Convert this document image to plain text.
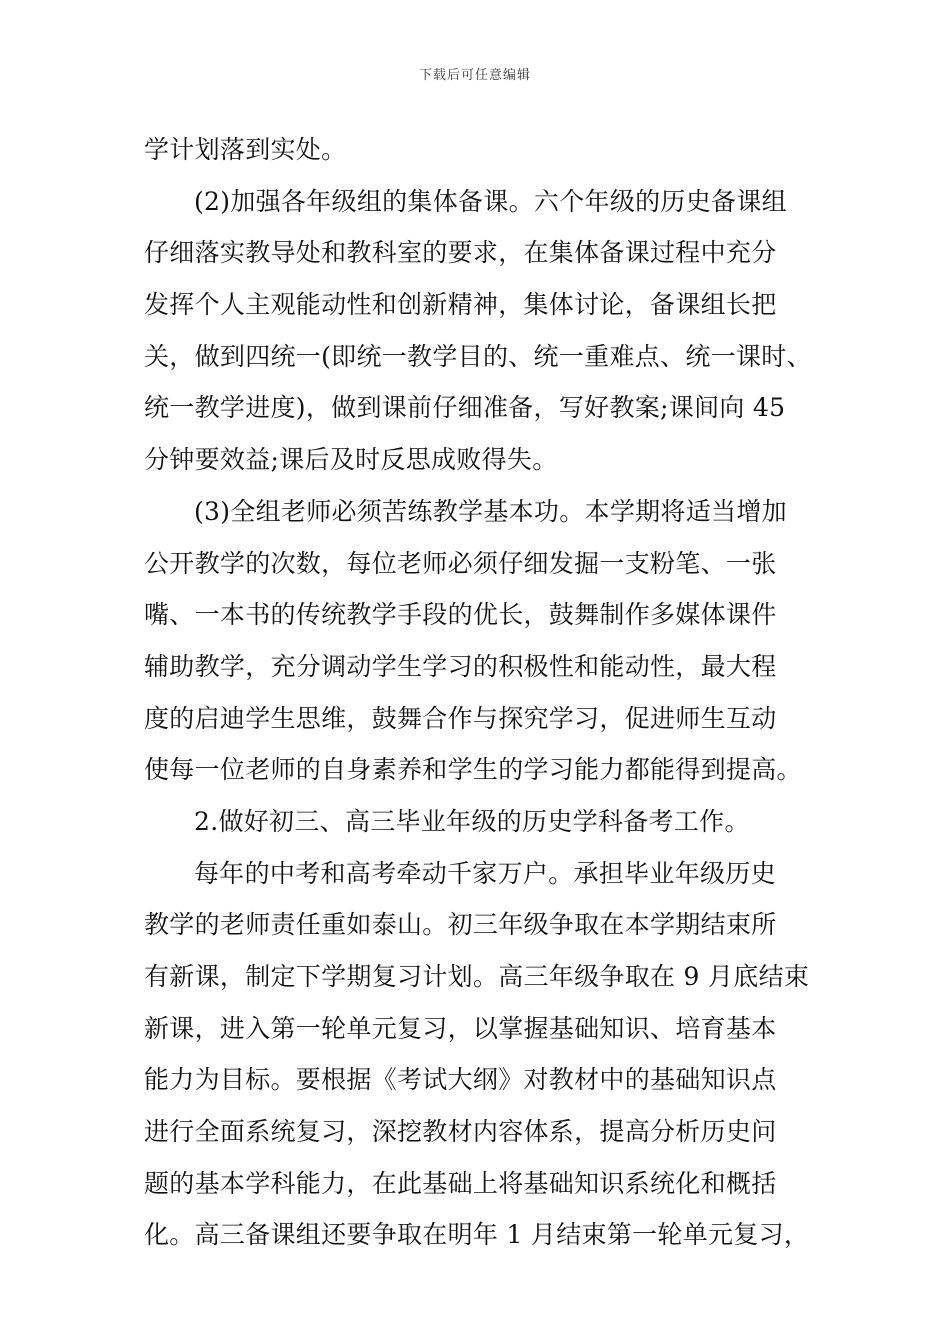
下载后可任意编辑
学计划落到实处。
(2)加强各年级组的集体备课。六个年级的历史备课组
仔细落实教导处和教科室的要求，在集体备课过程中充分
发挥个人主观能动性和创新精神，集体讨论，备课组长把
关，做到四统一(即统一教学目的、统一重难点、统一课时、
统一教学进度)，做到课前仔细准备，写好教案;课间向 45
分钟要效益;课后及时反思成败得失。
(3)全组老师必须苦练教学基本功。本学期将适当增加
公开教学的次数，每位老师必须仔细发掘一支粉笔、一张
嘴、一本书的传统教学手段的优长，鼓舞制作多媒体课件
辅助教学，充分调动学生学习的积极性和能动性，最大程
度的启迪学生思维，鼓舞合作与探究学习，促进师生互动
使每一位老师的自身素养和学生的学习能力都能得到提高。
2.做好初三、高三毕业年级的历史学科备考工作。
每年的中考和高考牵动千家万户。承担毕业年级历史
教学的老师责任重如泰山。初三年级争取在本学期结束所
有新课，制定下学期复习计划。高三年级争取在 9 月底结束
新课，进入第一轮单元复习，以掌握基础知识、培育基本
能力为目标。要根据《考试大纲》对教材中的基础知识点
进行全面系统复习，深挖教材内容体系，提高分析历史问
题的基本学科能力，在此基础上将基础知识系统化和概括
化。高三备课组还要争取在明年 1 月结束第一轮单元复习，
